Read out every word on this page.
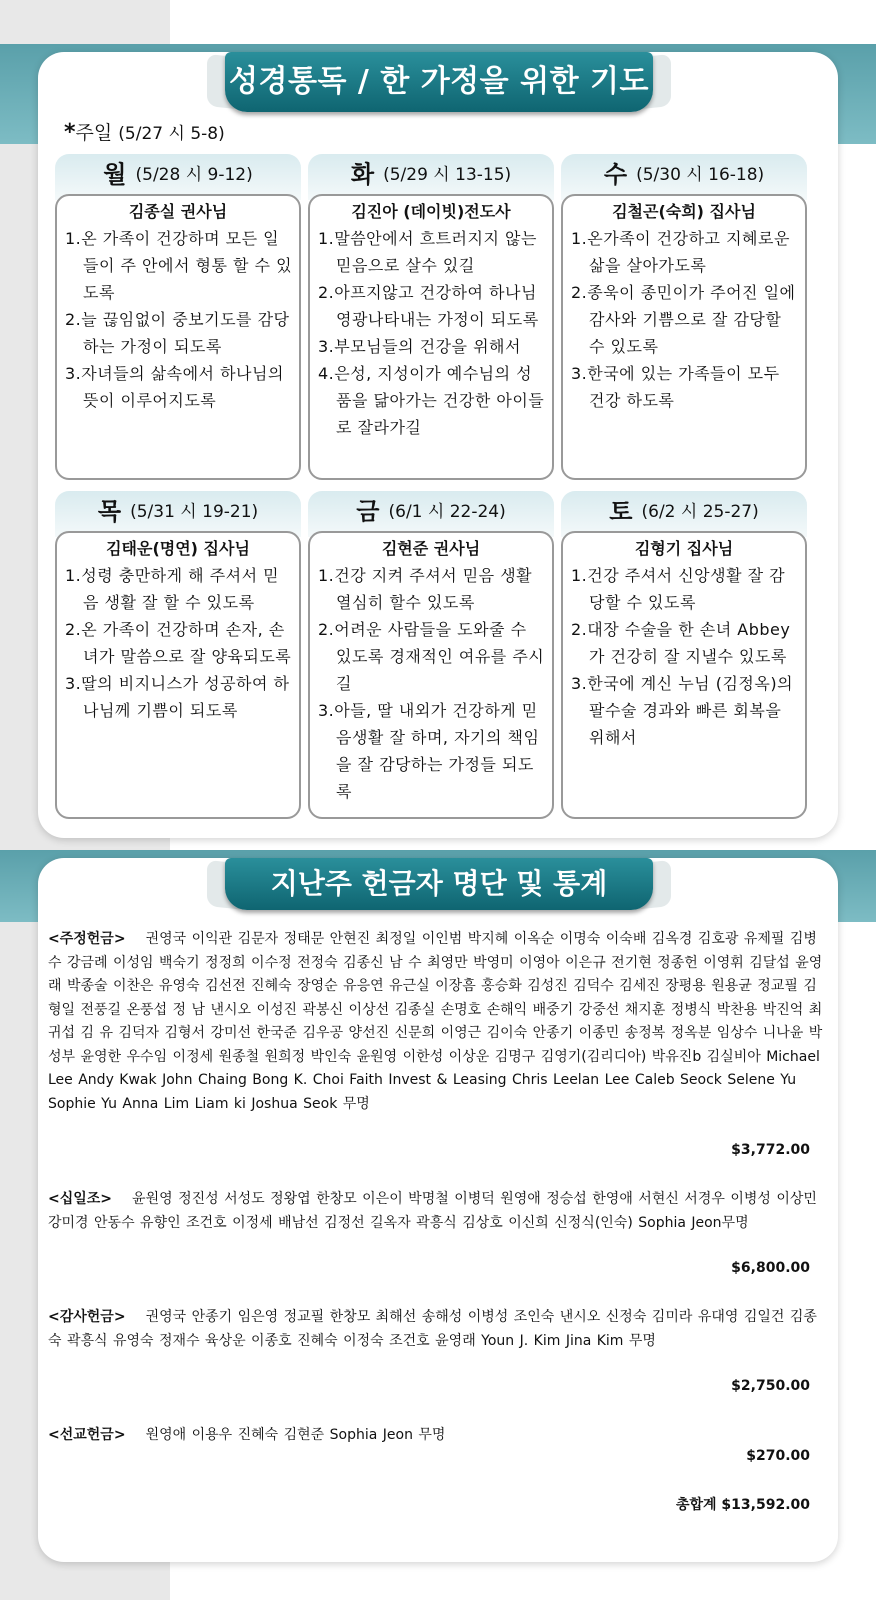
성경통독 / 한 가정을 위한 기도
*주일 (5/27 시 5-8)
월 (5/28 시 9-12)
김종실 권사님
1.온 가족이 건강하며 모든 일들이 주 안에서 형통 할 수 있도록
2.늘 끊임없이 중보기도를 감당하는 가정이 되도록
3.자녀들의 삶속에서 하나님의 뜻이 이루어지도록
화 (5/29 시 13-15)
김진아 (데이빗)전도사
1.말씀안에서 흐트러지지 않는 믿음으로 살수 있길
2.아프지않고 건강하여 하나님 영광나타내는 가정이 되도록
3.부모님들의 건강을 위해서
4.은성, 지성이가 예수님의 성품을 닮아가는 건강한 아이들로 잘라가길
수 (5/30 시 16-18)
김철곤(숙희) 집사님
1.온가족이 건강하고 지혜로운 삶을 살아가도록
2.종욱이 종민이가 주어진 일에 감사와 기쁨으로 잘 감당할 수 있도록
3.한국에 있는 가족들이 모두 건강 하도록
목 (5/31 시 19-21)
김태운(명연) 집사님
1.성령 충만하게 해 주셔서 믿음 생활 잘 할 수 있도록
2.온 가족이 건강하며 손자, 손녀가 말씀으로 잘 양육되도록
3.딸의 비지니스가 성공하여 하나님께 기쁨이 되도록
금 (6/1 시 22-24)
김현준 권사님
1.건강 지켜 주셔서 믿음 생활 열심히 할수 있도록
2.어려운 사람들을 도와줄 수 있도록 경재적인 여유를 주시길
3.아들, 딸 내외가 건강하게 믿음생활 잘 하며, 자기의 책임을 잘 감당하는 가정들 되도록
토 (6/2 시 25-27)
김형기 집사님
1.건강 주셔서 신앙생활 잘 감당할 수 있도록
2.대장 수술을 한 손녀 Abbey가 건강히 잘 지낼수 있도록
3.한국에 계신 누님 (김정옥)의 팔수술 경과와 빠른 회복을 위해서
지난주 헌금자 명단 및 통계
<주정헌금> 권영국 이익관 김문자 정태문 안현진 최정일 이인범 박지혜 이옥순 이명숙 이숙배 김옥경 김호광 유제필 김병수 강금례 이성임 백숙기 정정희 이수정 전정숙 김종신 남 수 최영만 박영미 이영아 이은규 전기현 정종헌 이영휘 김달섭 윤영래 박종술 이찬은 유영숙 김선전 진혜숙 장영순 유응연 유근실 이장흠 홍승화 김성진 김덕수 김세진 장평용 원용균 정교필 김형일 전풍길 온풍섭 정 남 낸시오 이성진 곽봉신 이상선 김종실 손명호 손해익 배중기 강중선 채지훈 정병식 박찬용 박진억 최귀섭 김 유 김덕자 김형서 강미선 한국준 김우공 양선진 신문희 이영근 김이숙 안종기 이종민 송정복 정옥분 임상수 니나윤 박성부 윤영한 우수임 이정세 원종철 원희정 박인숙 윤원영 이한성 이상운 김명구 김영기(김리디아) 박유진b 김실비아 Michael Lee Andy Kwak John Chaing Bong K. Choi Faith Invest & Leasing Chris Leelan Lee Caleb Seock Selene Yu Sophie Yu Anna Lim Liam ki Joshua Seok 무명
$3,772.00
<십일조> 윤원영 정진성 서성도 정왕엽 한창모 이은이 박명철 이병덕 원영애 정승섭 한영애 서현신 서경우 이병성 이상민 강미경 안동수 유향인 조건호 이정세 배남선 김정선 길옥자 곽흥식 김상호 이신희 신정식(인숙) Sophia Jeon무명
$6,800.00
<감사헌금> 권영국 안종기 임은영 정교필 한창모 최해선 송해성 이병성 조인숙 낸시오 신정숙 김미라 유대영 김일건 김종숙 곽흥식 유영숙 정재수 육상운 이종호 진혜숙 이정숙 조건호 윤영래 Youn J. Kim Jina Kim 무명
$2,750.00
<선교헌금> 원영애 이용우 진혜숙 김현준 Sophia Jeon 무명
$270.00
총합계 $13,592.00
